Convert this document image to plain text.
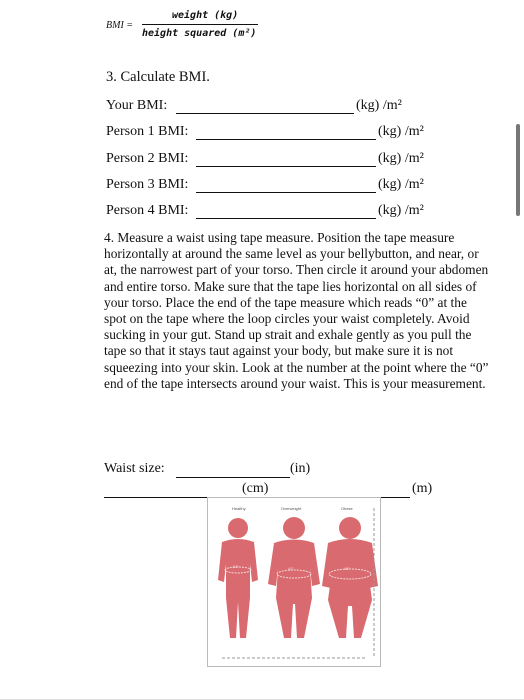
BMI =
weight (kg)
height squared (m²)
3. Calculate BMI.
Your BMI:	(kg) /m²
Person 1 BMI:	(kg) /m²
Person 2 BMI:	(kg) /m²
Person 3 BMI:	(kg) /m²
Person 4 BMI:	(kg) /m²
4. Measure a waist using tape measure. Position the tape measure horizontally at around the same level as your bellybutton, and near, or at, the narrowest part of your torso. Then circle it around your abdomen and entire torso. Make sure that the tape lies horizontal on all sides of your torso. Place the end of the tape measure which reads “0” at the spot on the tape where the loop circles your waist completely. Avoid sucking in your gut. Stand up strait and exhale gently as you pull the tape so that it stays taut against your body, but make sure it is not squeezing into your skin. Look at the number at the point where the “0” end of the tape intersects around your waist. This is your measurement.
Waist size:	(in)
(cm)	(m)
Healthy	Overweight	Obese
33"	40"	45"
